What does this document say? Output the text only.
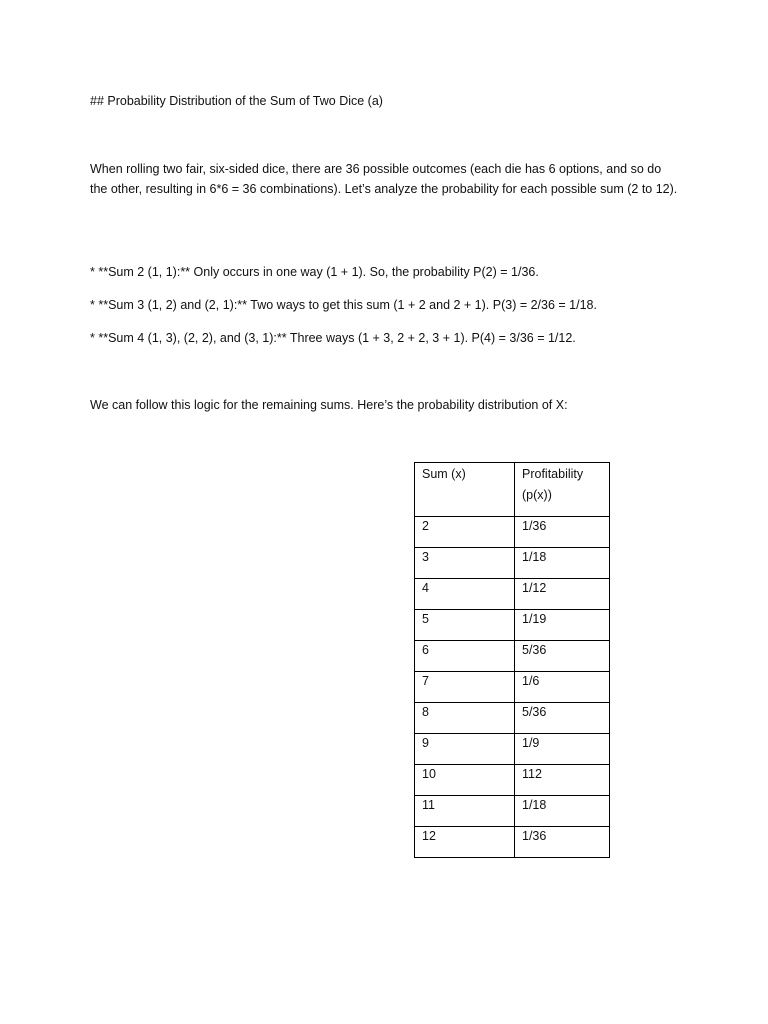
## Probability Distribution of the Sum of Two Dice (a)
When rolling two fair, six-sided dice, there are 36 possible outcomes (each die has 6 options, and so do the other, resulting in 6*6 = 36 combinations). Let’s analyze the probability for each possible sum (2 to 12).
* **Sum 2 (1, 1):** Only occurs in one way (1 + 1). So, the probability P(2) = 1/36.
* **Sum 3 (1, 2) and (2, 1):** Two ways to get this sum (1 + 2 and 2 + 1). P(3) = 2/36 = 1/18.
* **Sum 4 (1, 3), (2, 2), and (3, 1):** Three ways (1 + 3, 2 + 2, 3 + 1). P(4) = 3/36 = 1/12.
We can follow this logic for the remaining sums. Here’s the probability distribution of X:
Sum (x)	Profitability (p(x))
2	1/36
3	1/18
4	1/12
5	1/19
6	5/36
7	1/6
8	5/36
9	1/9
10	112
11	1/18
12	1/36
